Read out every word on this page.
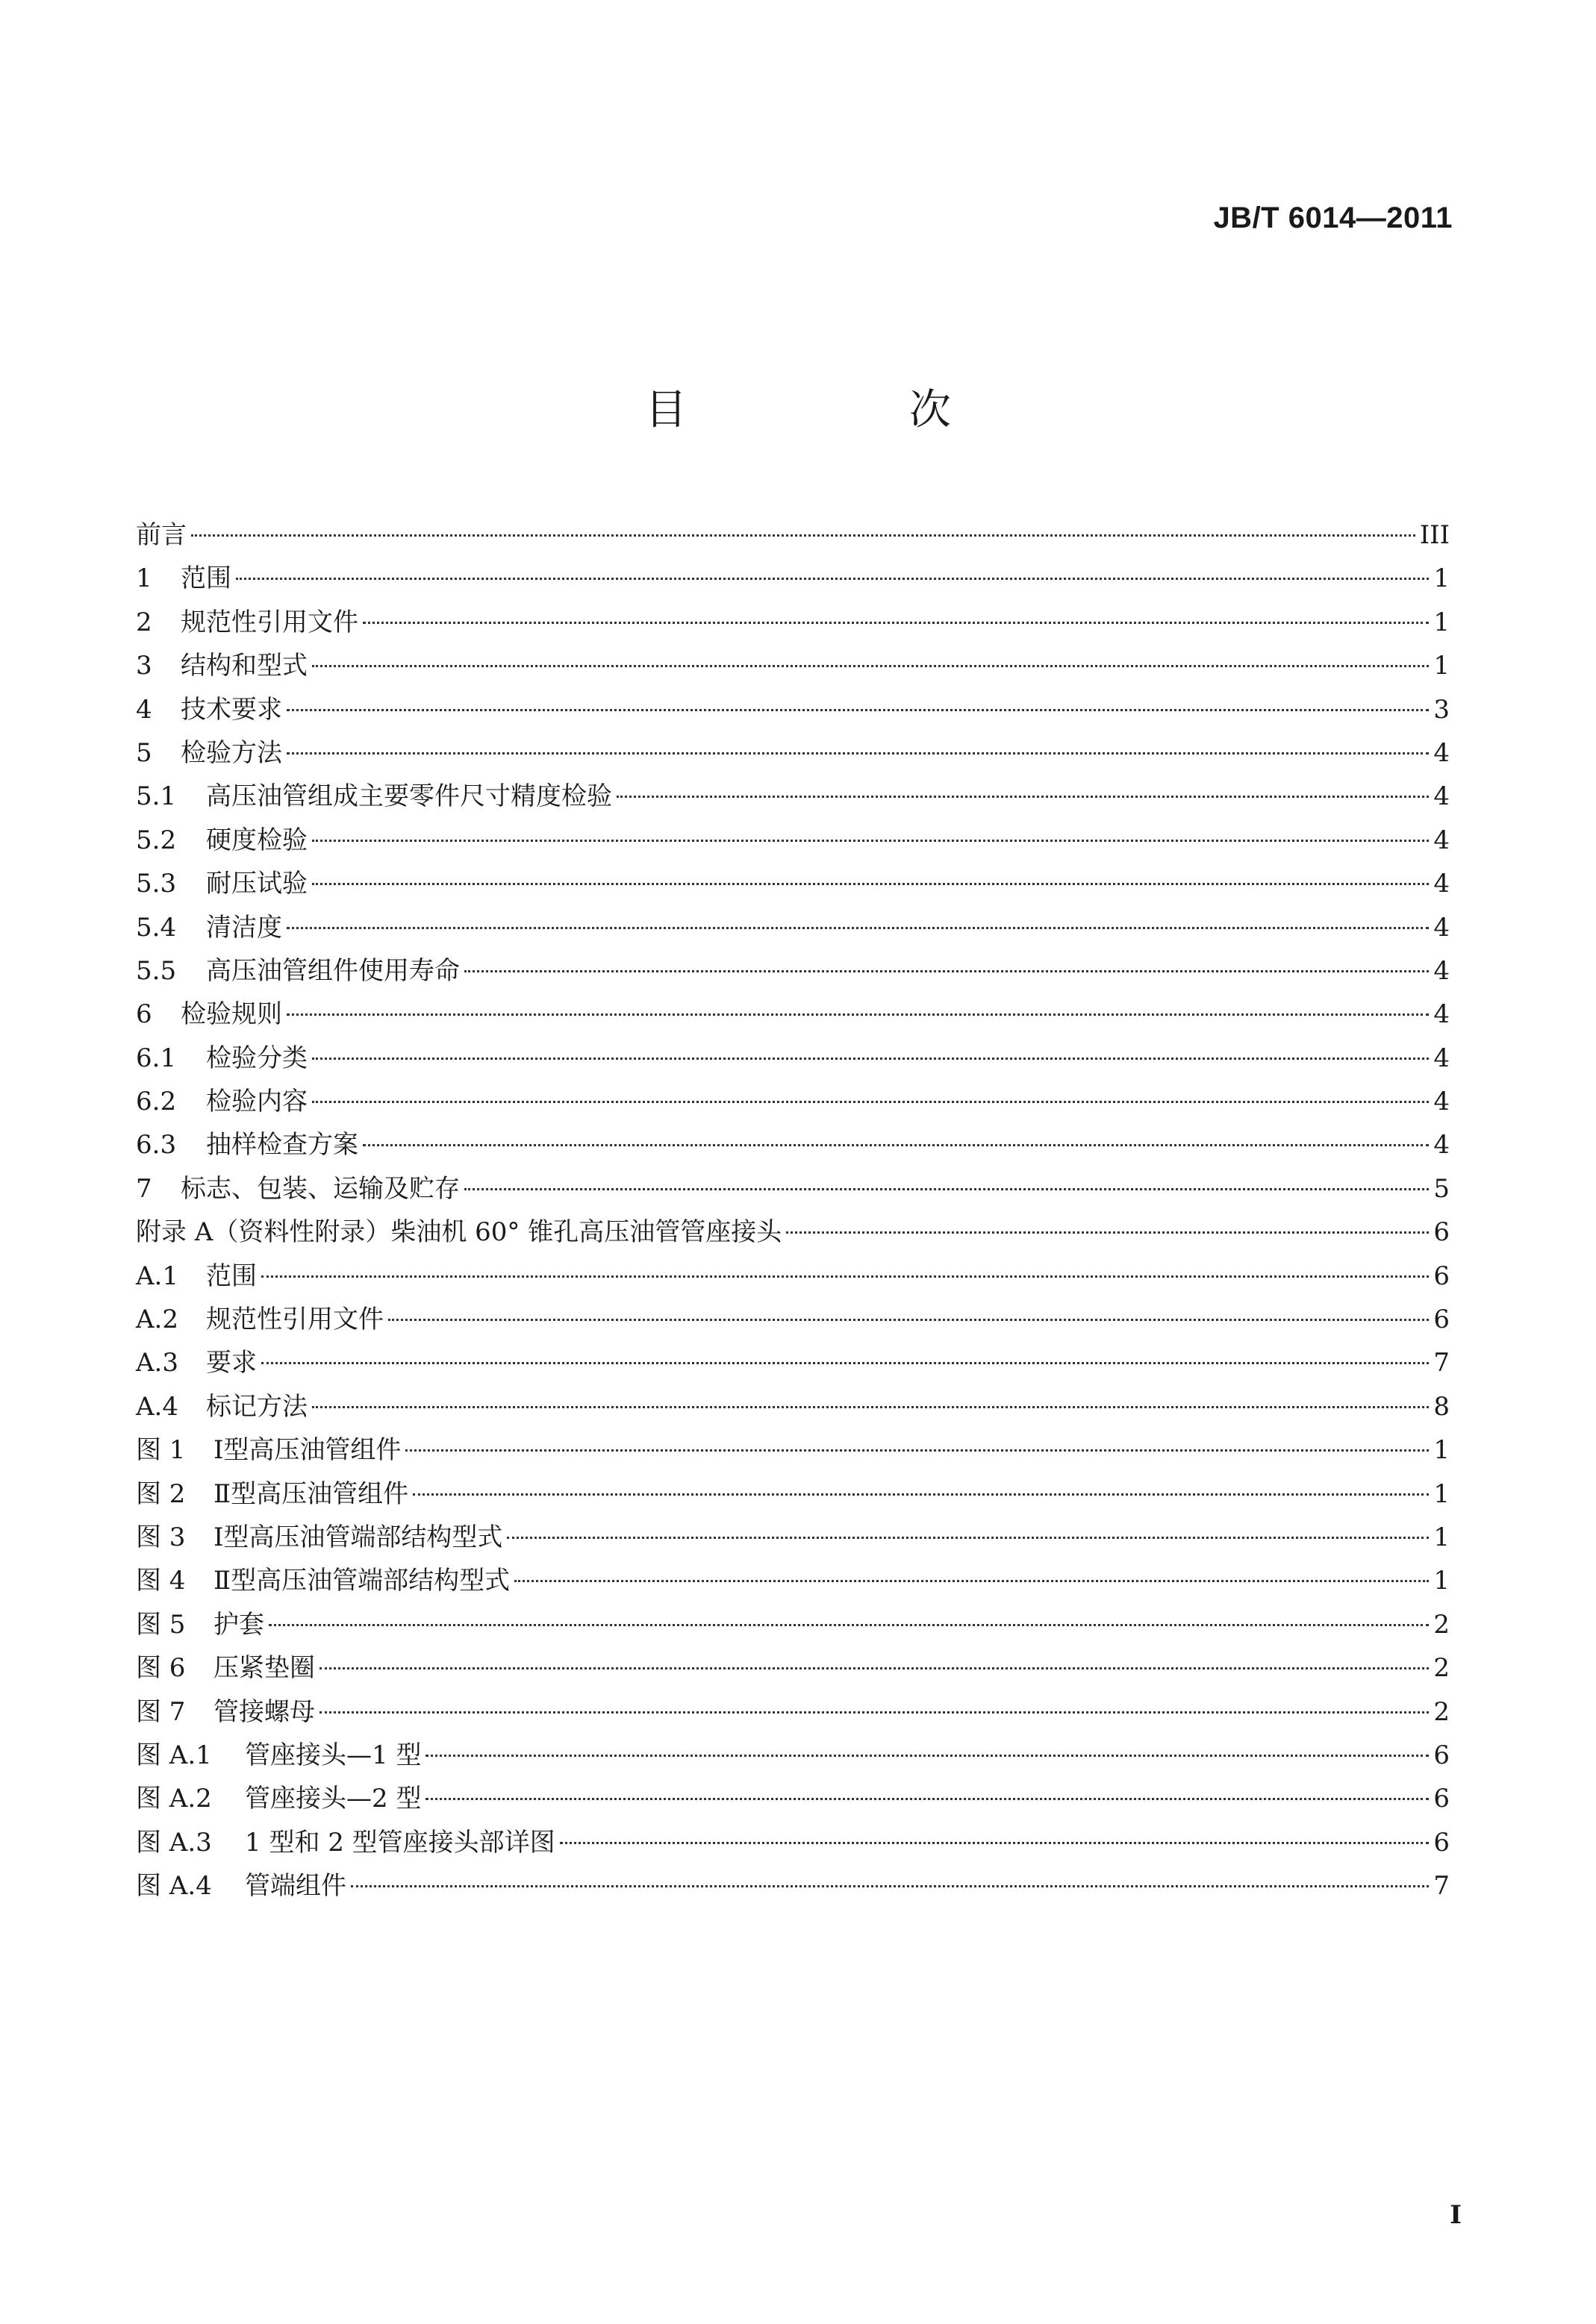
JB/T 6014—2011
目 次
前言	III
1	范围	1
2	规范性引用文件	1
3	结构和型式	1
4	技术要求	3
5	检验方法	4
5.1	高压油管组成主要零件尺寸精度检验	4
5.2	硬度检验	4
5.3	耐压试验	4
5.4	清洁度	4
5.5	高压油管组件使用寿命	4
6	检验规则	4
6.1	检验分类	4
6.2	检验内容	4
6.3	抽样检查方案	4
7	标志、包装、运输及贮存	5
附录 A（资料性附录）柴油机 60° 锥孔高压油管管座接头	6
A.1	范围	6
A.2	规范性引用文件	6
A.3	要求	7
A.4	标记方法	8
图 1	Ⅰ型高压油管组件	1
图 2	Ⅱ型高压油管组件	1
图 3	Ⅰ型高压油管端部结构型式	1
图 4	Ⅱ型高压油管端部结构型式	1
图 5	护套	2
图 6	压紧垫圈	2
图 7	管接螺母	2
图 A.1	管座接头—1 型	6
图 A.2	管座接头—2 型	6
图 A.3	1 型和 2 型管座接头部详图	6
图 A.4	管端组件	7
I
